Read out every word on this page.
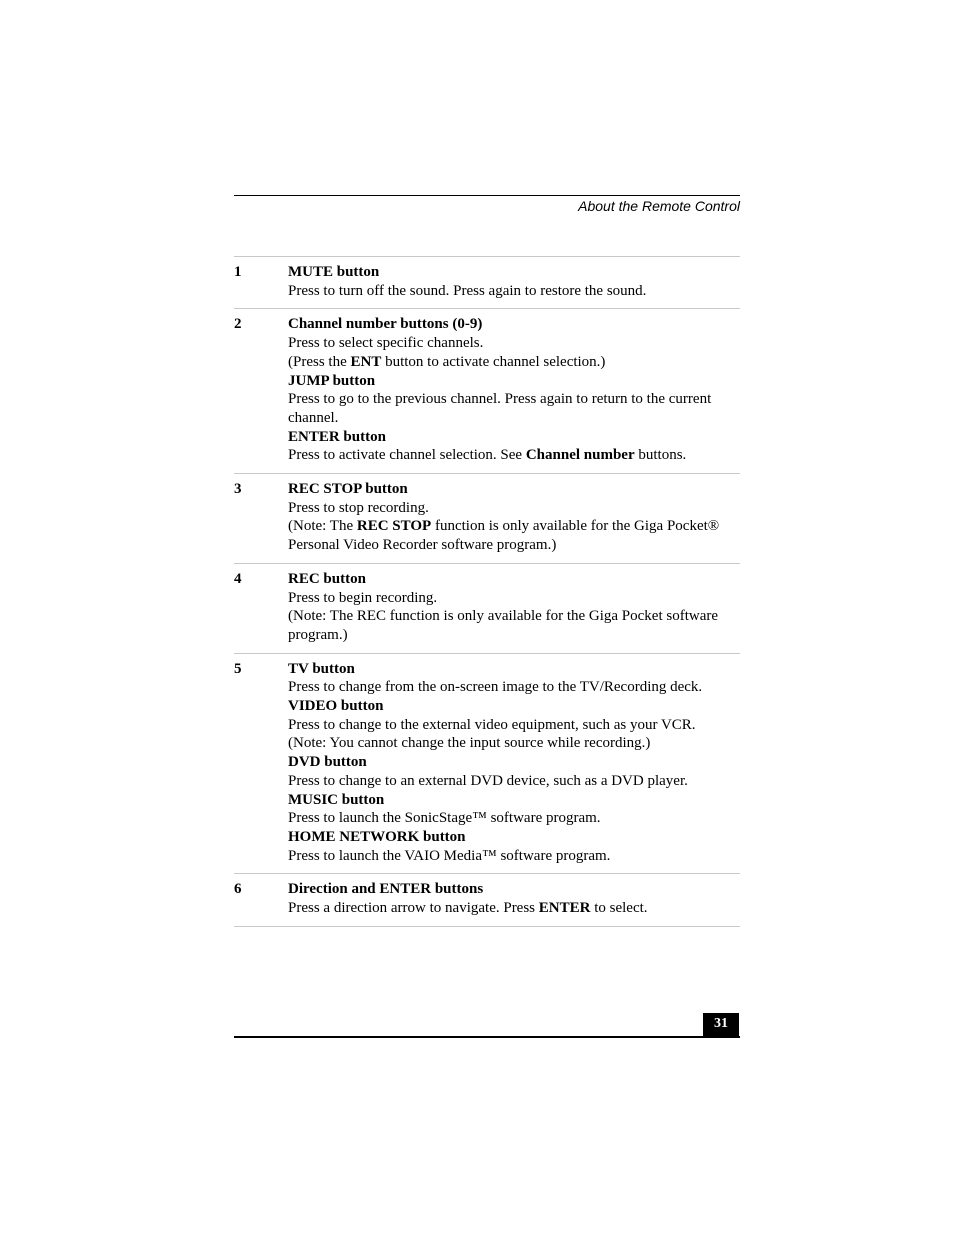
About the Remote Control
1	MUTE button
Press to turn off the sound. Press again to restore the sound.
2	Channel number buttons (0-9)
Press to select specific channels.
(Press the ENT button to activate channel selection.)
JUMP button
Press to go to the previous channel. Press again to return to the current channel.
ENTER button
Press to activate channel selection. See Channel number buttons.
3	REC STOP button
Press to stop recording.
(Note: The REC STOP function is only available for the Giga Pocket® Personal Video Recorder software program.)
4	REC button
Press to begin recording.
(Note: The REC function is only available for the Giga Pocket software program.)
5	TV button
Press to change from the on-screen image to the TV/Recording deck.
VIDEO button
Press to change to the external video equipment, such as your VCR.
(Note: You cannot change the input source while recording.)
DVD button
Press to change to an external DVD device, such as a DVD player.
MUSIC button
Press to launch the SonicStage™ software program.
HOME NETWORK button
Press to launch the VAIO Media™ software program.
6	Direction and ENTER buttons
Press a direction arrow to navigate. Press ENTER to select.
31
